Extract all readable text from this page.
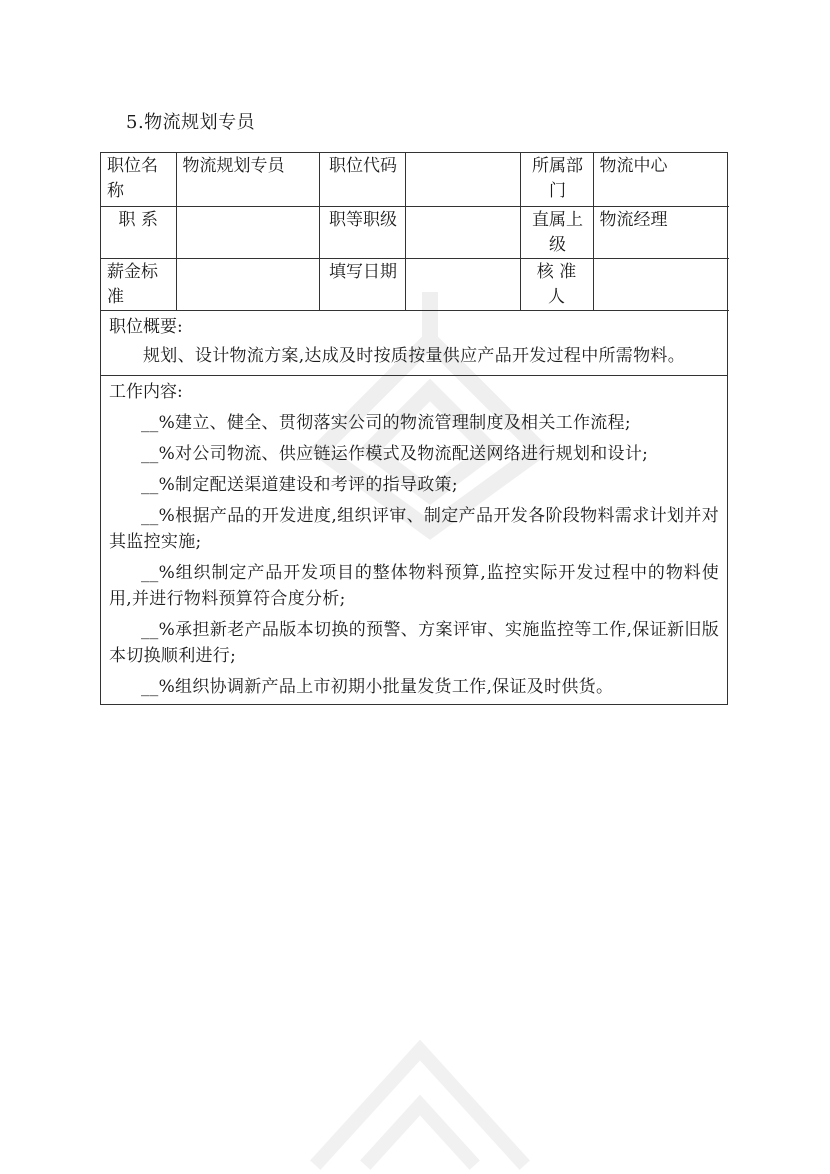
5.物流规划专员
职位名称	物流规划专员	职位代码		所属部门	物流中心
职 系		职等职级		直属上级	物流经理
薪金标准		填写日期		核 准 人	

职位概要:

规划、设计物流方案,达成及时按质按量供应产品开发过程中所需物料。

工作内容:

__%建立、健全、贯彻落实公司的物流管理制度及相关工作流程;

__%对公司物流、供应链运作模式及物流配送网络进行规划和设计;

__%制定配送渠道建设和考评的指导政策;

__%根据产品的开发进度,组织评审、制定产品开发各阶段物料需求计划并对其监控实施;

__%组织制定产品开发项目的整体物料预算,监控实际开发过程中的物料使用,并进行物料预算符合度分析;

__%承担新老产品版本切换的预警、方案评审、实施监控等工作,保证新旧版本切换顺利进行;

__%组织协调新产品上市初期小批量发货工作,保证及时供货。
